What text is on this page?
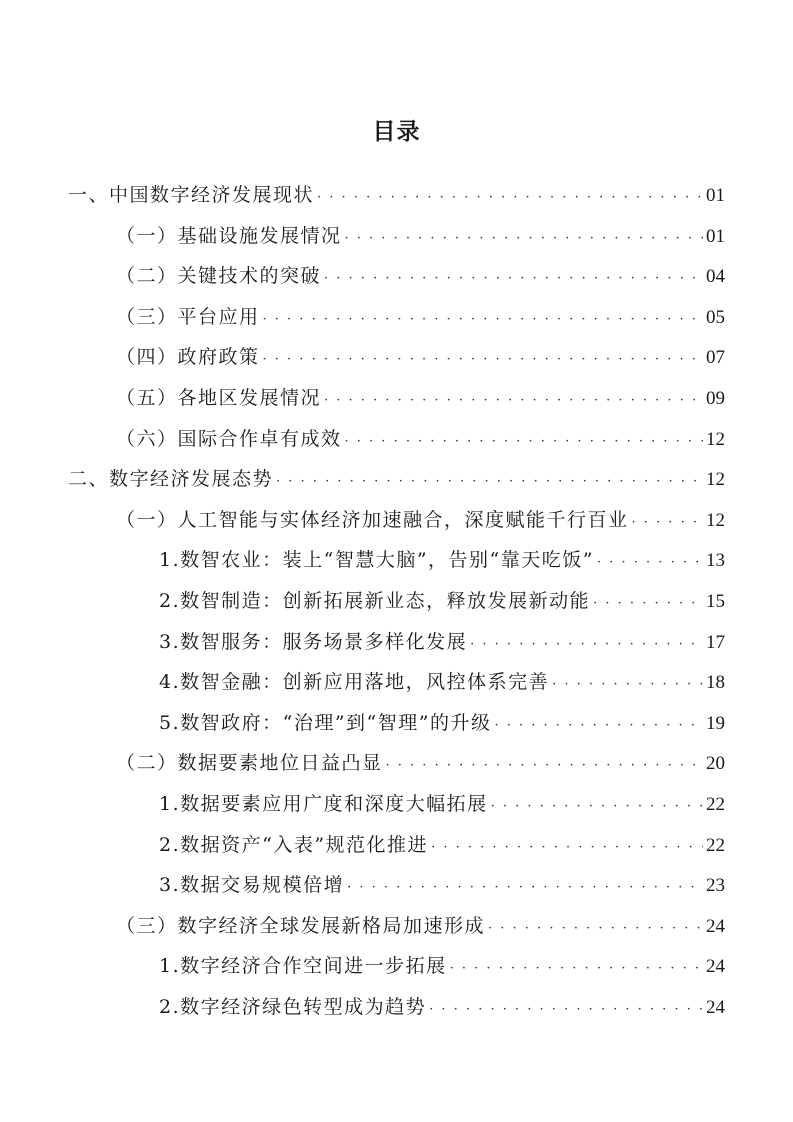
目录
一、中国数字经济发展现状 · · ·	01
（一）基础设施发展情况 · · ·	01
（二）关键技术的突破 · · ·	04
（三）平台应用 · · ·	05
（四）政府政策 · · ·	07
（五）各地区发展情况 · · ·	09
（六）国际合作卓有成效 · · ·	12
二、数字经济发展态势 · · ·	12
（一）人工智能与实体经济加速融合，深度赋能千行百业 · · ·	12
1.数智农业：装上“智慧大脑”，告别“靠天吃饭” · · ·	13
2.数智制造：创新拓展新业态，释放发展新动能 · · ·	15
3.数智服务：服务场景多样化发展 · · ·	17
4.数智金融：创新应用落地，风控体系完善 · · ·	18
5.数智政府：“治理”到“智理”的升级 · · ·	19
（二）数据要素地位日益凸显 · · ·	20
1.数据要素应用广度和深度大幅拓展 · · ·	22
2.数据资产“入表”规范化推进 · · ·	22
3.数据交易规模倍增 · · ·	23
（三）数字经济全球发展新格局加速形成 · · ·	24
1.数字经济合作空间进一步拓展 · · ·	24
2.数字经济绿色转型成为趋势 · · ·	24
